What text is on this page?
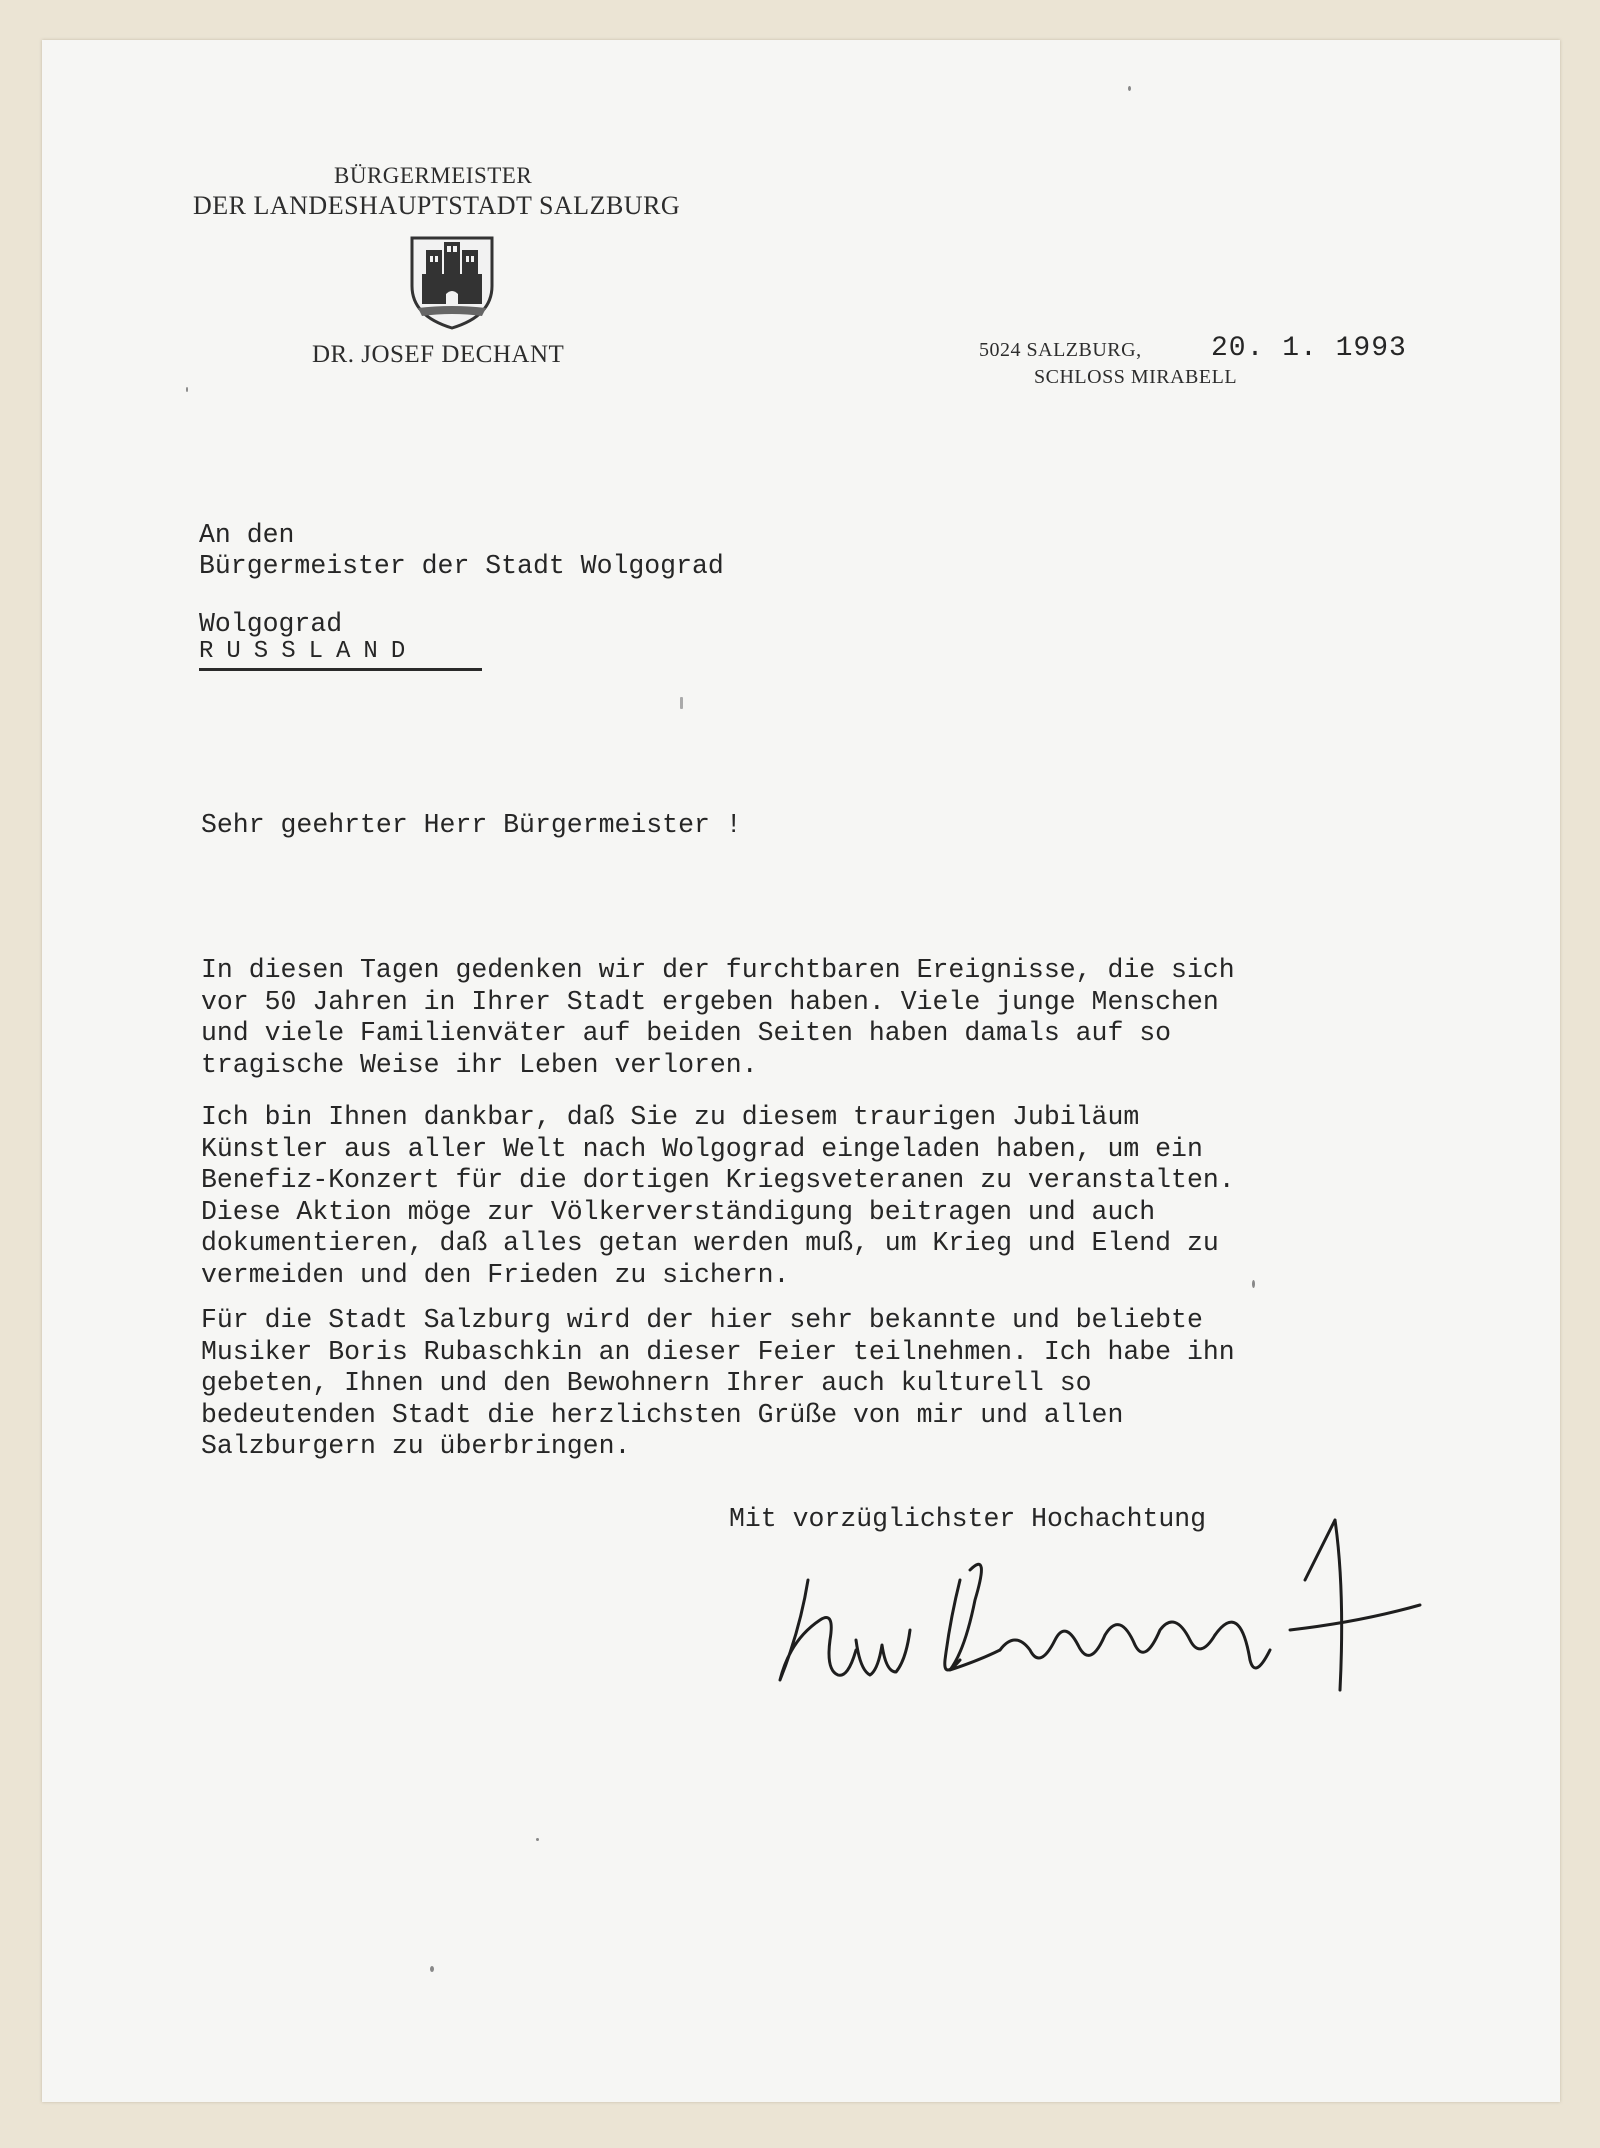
BÜRGERMEISTER
DER LANDESHAUPTSTADT SALZBURG
DR. JOSEF DECHANT	5024 SALZBURG,
SCHLOSS MIRABELL
20. 1. 1993
An den
Bürgermeister der Stadt Wolgograd
Wolgograd
RUSSLAND
Sehr geehrter Herr Bürgermeister !
In diesen Tagen gedenken wir der furchtbaren Ereignisse, die sich
vor 50 Jahren in Ihrer Stadt ergeben haben. Viele junge Menschen
und viele Familienväter auf beiden Seiten haben damals auf so
tragische Weise ihr Leben verloren.
Ich bin Ihnen dankbar, daß Sie zu diesem traurigen Jubiläum
Künstler aus aller Welt nach Wolgograd eingeladen haben, um ein
Benefiz-Konzert für die dortigen Kriegsveteranen zu veranstalten.
Diese Aktion möge zur Völkerverständigung beitragen und auch
dokumentieren, daß alles getan werden muß, um Krieg und Elend zu
vermeiden und den Frieden zu sichern.
Für die Stadt Salzburg wird der hier sehr bekannte und beliebte
Musiker Boris Rubaschkin an dieser Feier teilnehmen. Ich habe ihn
gebeten, Ihnen und den Bewohnern Ihrer auch kulturell so
bedeutenden Stadt die herzlichsten Grüße von mir und allen
Salzburgern zu überbringen.
Mit vorzüglichster Hochachtung
